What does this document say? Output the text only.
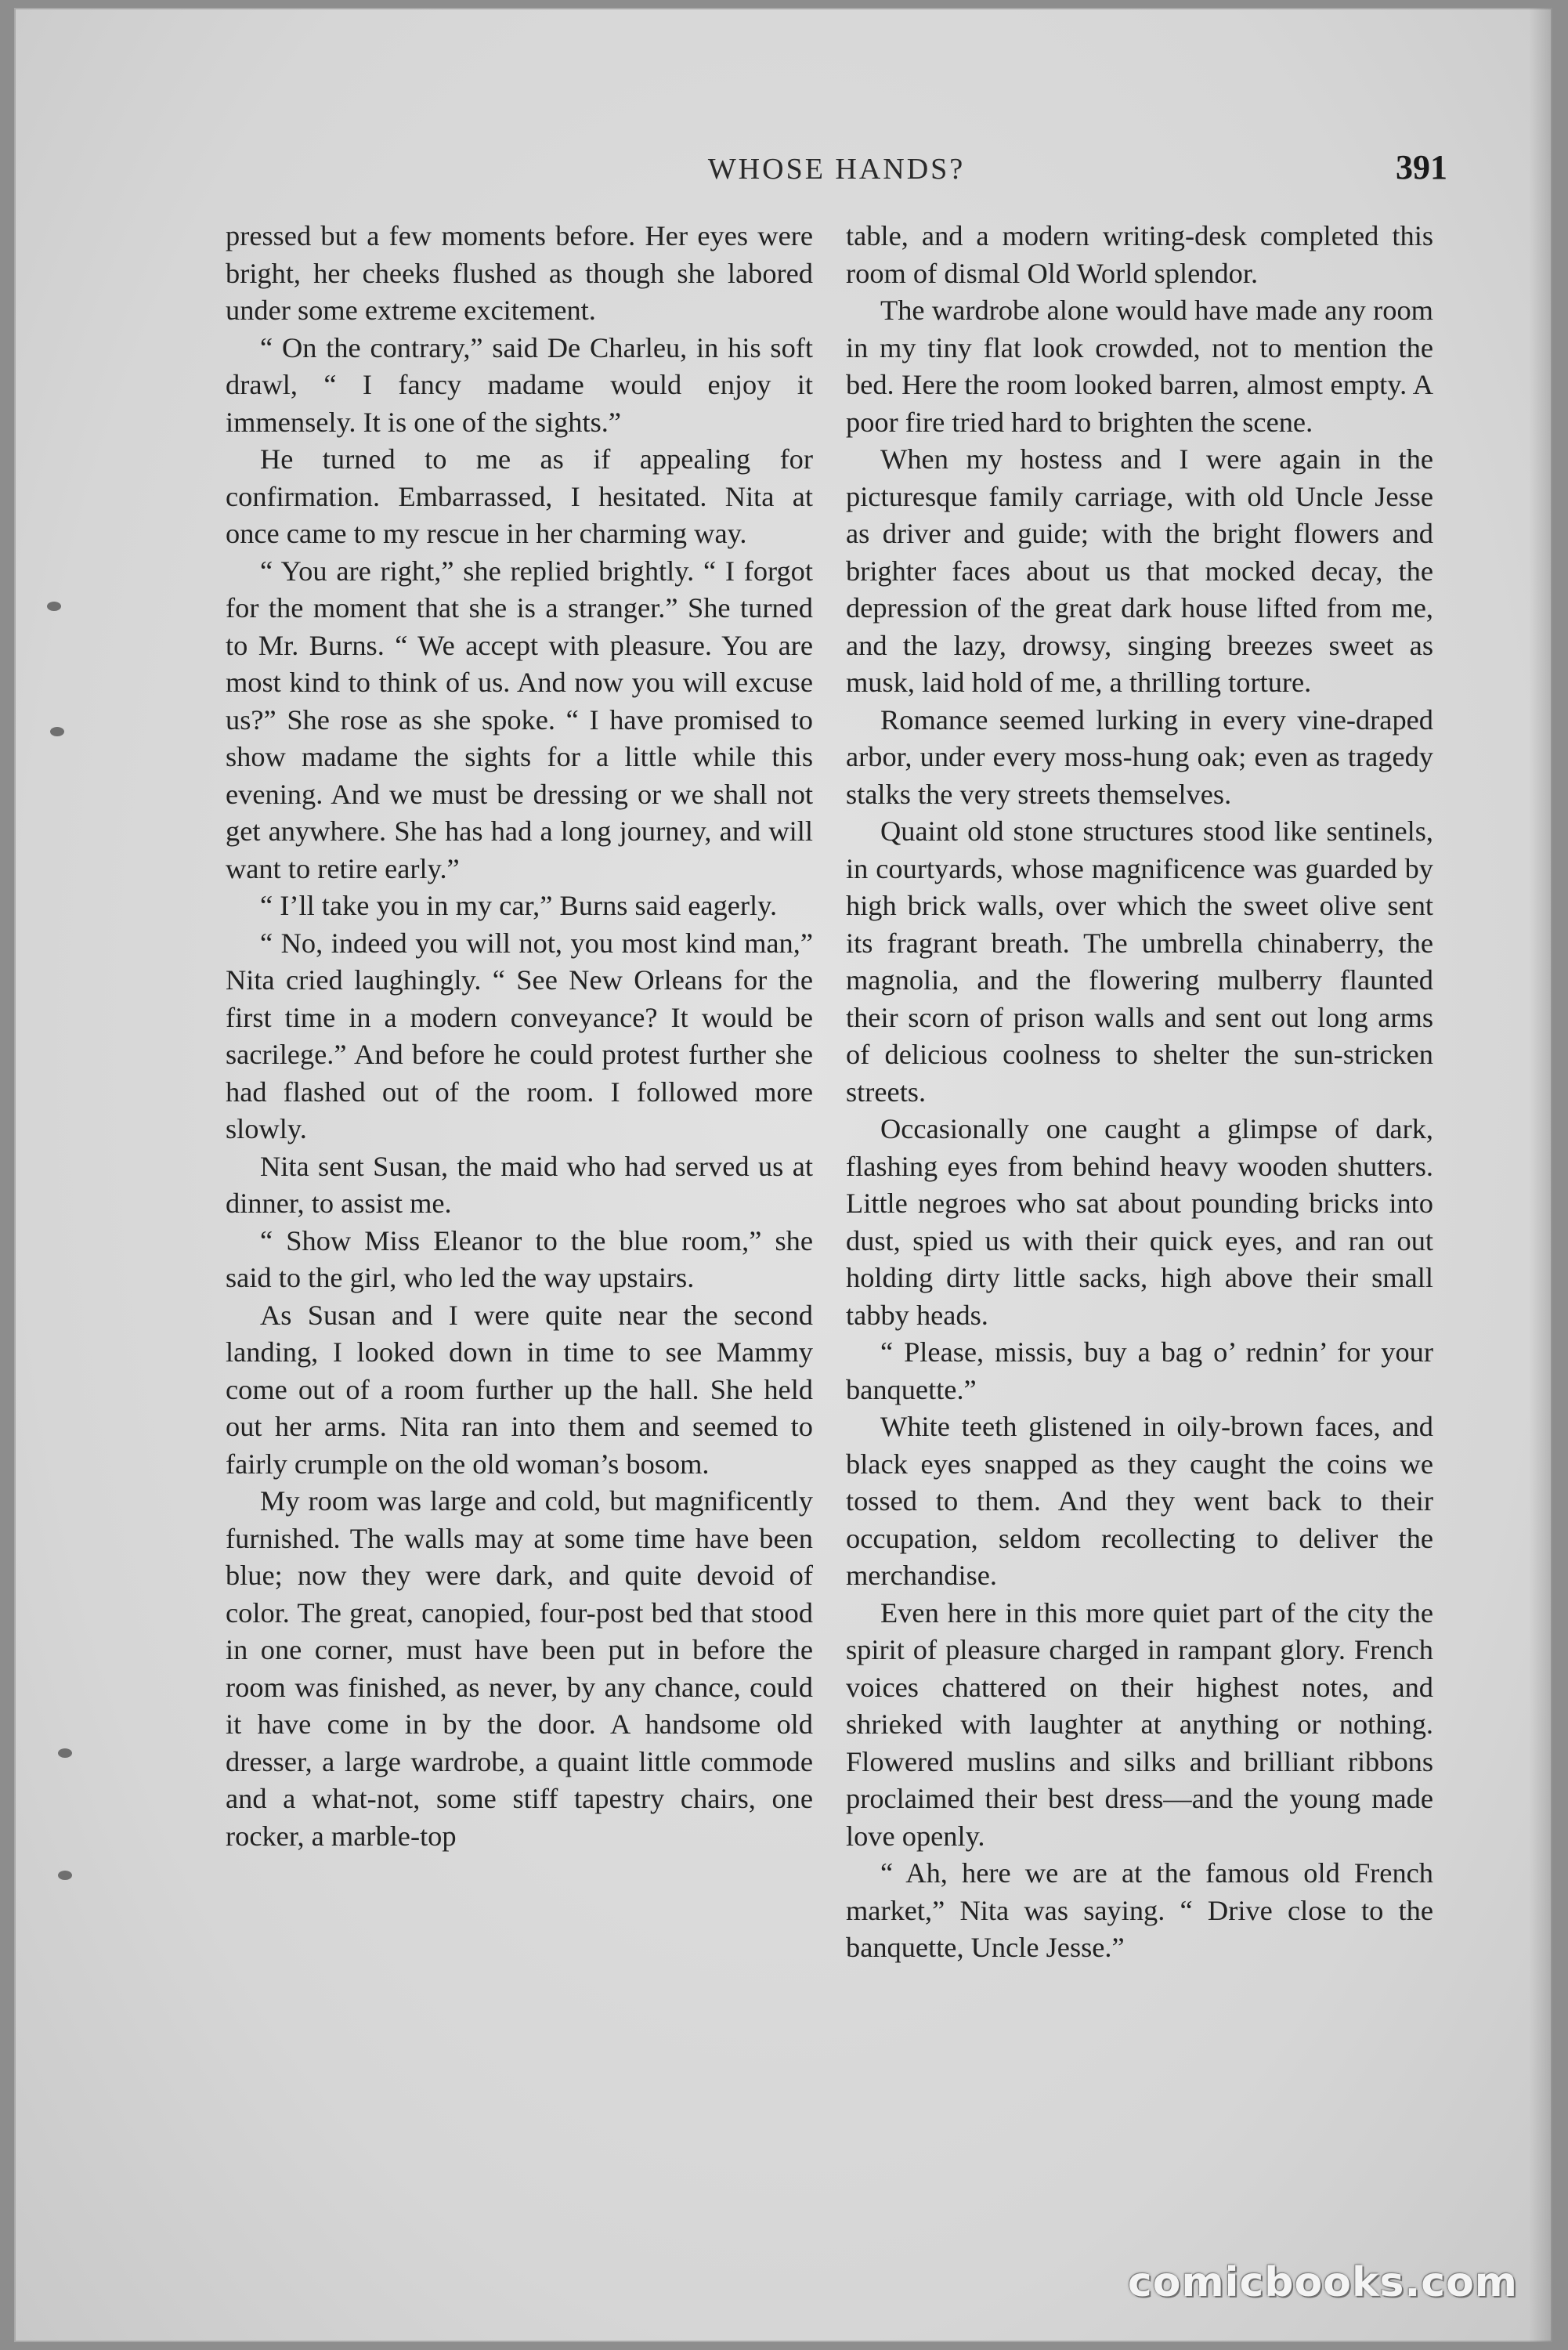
WHOSE HANDS?	391

pressed but a few moments before. Her eyes were bright, her cheeks flushed as though she labored under some extreme excitement.

“ On the contrary,” said De Charleu, in his soft drawl, “ I fancy madame would enjoy it immensely. It is one of the sights.”

He turned to me as if appealing for confirmation. Embarrassed, I hesitated. Nita at once came to my rescue in her charming way.

“ You are right,” she replied brightly. “ I forgot for the moment that she is a stranger.” She turned to Mr. Burns. “ We accept with pleasure. You are most kind to think of us. And now you will excuse us?” She rose as she spoke. “ I have promised to show madame the sights for a little while this evening. And we must be dressing or we shall not get anywhere. She has had a long journey, and will want to retire early.”

“ I’ll take you in my car,” Burns said eagerly.

“ No, indeed you will not, you most kind man,” Nita cried laughingly. “ See New Orleans for the first time in a modern conveyance? It would be sacrilege.” And before he could protest further she had flashed out of the room. I followed more slowly.

Nita sent Susan, the maid who had served us at dinner, to assist me.

“ Show Miss Eleanor to the blue room,” she said to the girl, who led the way upstairs.

As Susan and I were quite near the second landing, I looked down in time to see Mammy come out of a room further up the hall. She held out her arms. Nita ran into them and seemed to fairly crumple on the old woman’s bosom.

My room was large and cold, but magnificently furnished. The walls may at some time have been blue; now they were dark, and quite devoid of color. The great, canopied, four-post bed that stood in one corner, must have been put in before the room was finished, as never, by any chance, could it have come in by the door. A handsome old dresser, a large wardrobe, a quaint little commode and a what-not, some stiff tapestry chairs, one rocker, a marble-top

table, and a modern writing-desk completed this room of dismal Old World splendor.

The wardrobe alone would have made any room in my tiny flat look crowded, not to mention the bed. Here the room looked barren, almost empty. A poor fire tried hard to brighten the scene.

When my hostess and I were again in the picturesque family carriage, with old Uncle Jesse as driver and guide; with the bright flowers and brighter faces about us that mocked decay, the depression of the great dark house lifted from me, and the lazy, drowsy, singing breezes sweet as musk, laid hold of me, a thrilling torture.

Romance seemed lurking in every vine-draped arbor, under every moss-hung oak; even as tragedy stalks the very streets themselves.

Quaint old stone structures stood like sentinels, in courtyards, whose magnificence was guarded by high brick walls, over which the sweet olive sent its fragrant breath. The umbrella chinaberry, the magnolia, and the flowering mulberry flaunted their scorn of prison walls and sent out long arms of delicious coolness to shelter the sun-stricken streets.

Occasionally one caught a glimpse of dark, flashing eyes from behind heavy wooden shutters. Little negroes who sat about pounding bricks into dust, spied us with their quick eyes, and ran out holding dirty little sacks, high above their small tabby heads.

“ Please, missis, buy a bag o’ rednin’ for your banquette.”

White teeth glistened in oily-brown faces, and black eyes snapped as they caught the coins we tossed to them. And they went back to their occupation, seldom recollecting to deliver the merchandise.

Even here in this more quiet part of the city the spirit of pleasure charged in rampant glory. French voices chattered on their highest notes, and shrieked with laughter at anything or nothing. Flowered muslins and silks and brilliant ribbons proclaimed their best dress—and the young made love openly.

“ Ah, here we are at the famous old French market,” Nita was saying. “ Drive close to the banquette, Uncle Jesse.”

comicbooks.com
